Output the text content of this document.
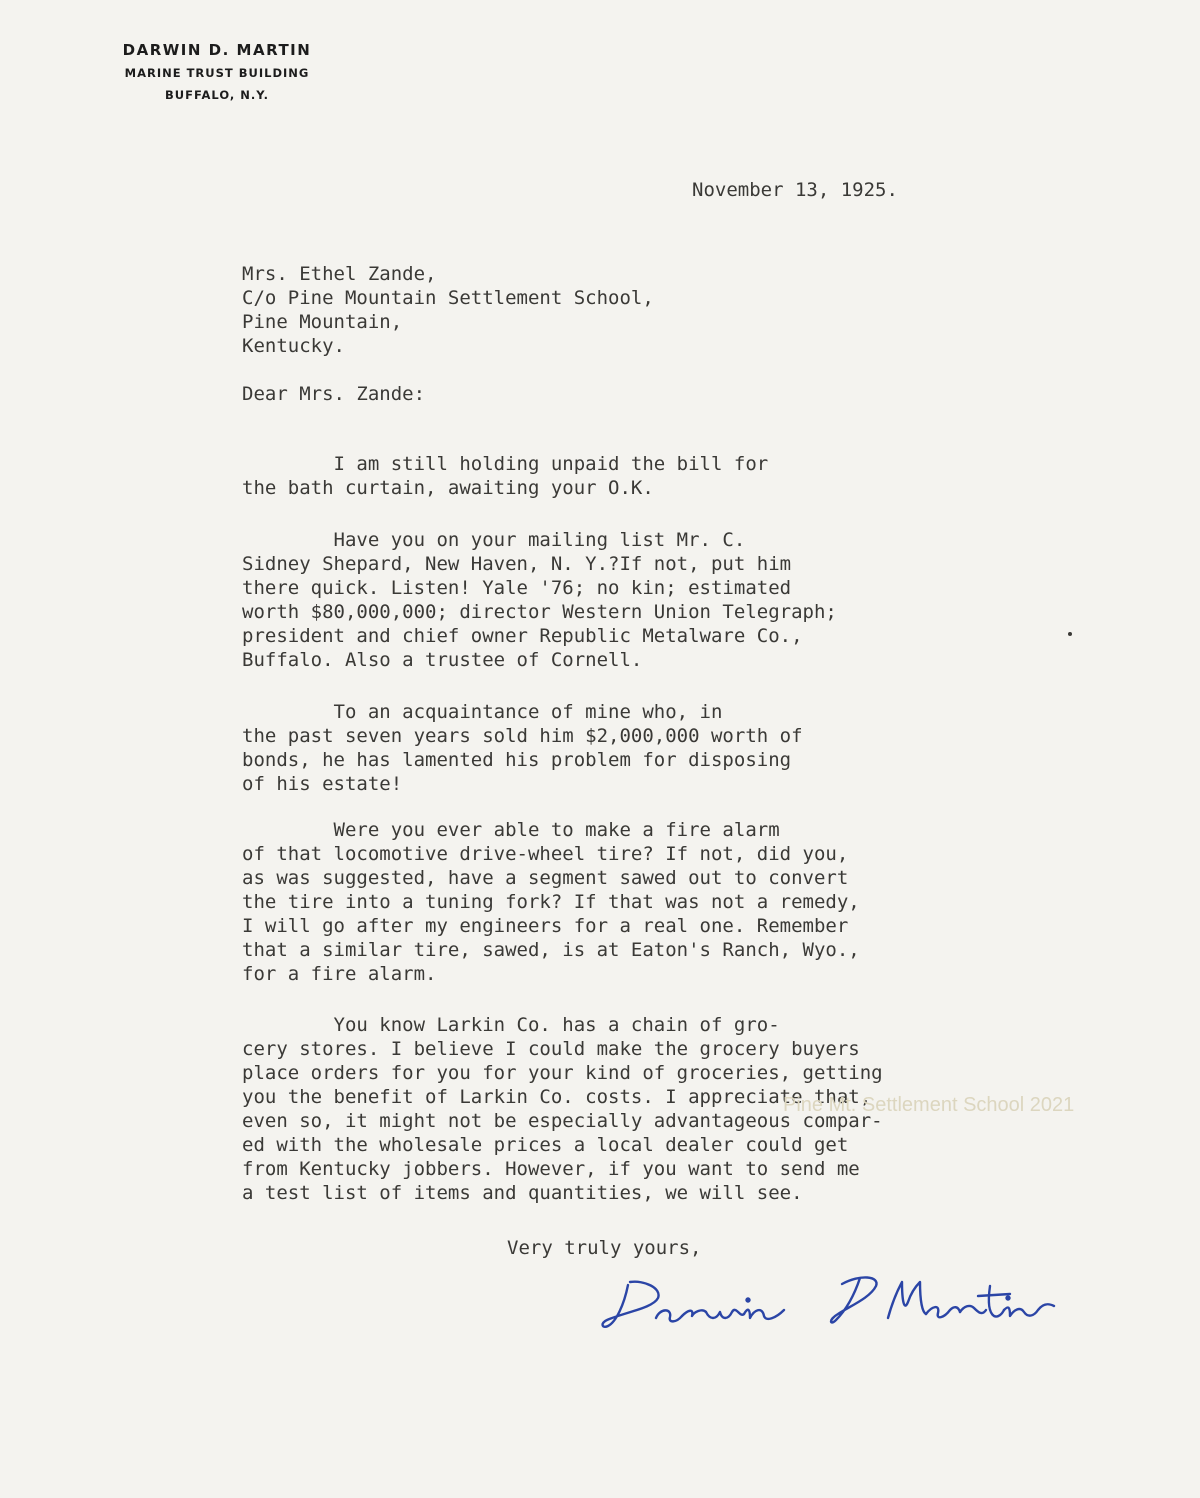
DARWIN D. MARTIN
MARINE TRUST BUILDING
BUFFALO, N.Y.
November 13, 1925.
Mrs. Ethel Zande,
C/o Pine Mountain Settlement School,
Pine Mountain,
Kentucky.
Dear Mrs. Zande:
I am still holding unpaid the bill for
the bath curtain, awaiting your O.K.
Have you on your mailing list Mr. C.
Sidney Shepard, New Haven, N. Y.?If not, put him
there quick. Listen! Yale '76; no kin; estimated
worth $80,000,000; director Western Union Telegraph;
president and chief owner Republic Metalware Co.,
Buffalo. Also a trustee of Cornell.
To an acquaintance of mine who, in
the past seven years sold him $2,000,000 worth of
bonds, he has lamented his problem for disposing
of his estate!
Were you ever able to make a fire alarm
of that locomotive drive-wheel tire? If not, did you,
as was suggested, have a segment sawed out to convert
the tire into a tuning fork? If that was not a remedy,
I will go after my engineers for a real one. Remember
that a similar tire, sawed, is at Eaton's Ranch, Wyo.,
for a fire alarm.
You know Larkin Co. has a chain of gro-
cery stores. I believe I could make the grocery buyers
place orders for you for your kind of groceries, getting
you the benefit of Larkin Co. costs. I appreciate that,
even so, it might not be especially advantageous compar-
ed with the wholesale prices a local dealer could get
from Kentucky jobbers. However, if you want to send me
a test list of items and quantities, we will see.
Very truly yours,

Pine Mt. Settlement School 2021
